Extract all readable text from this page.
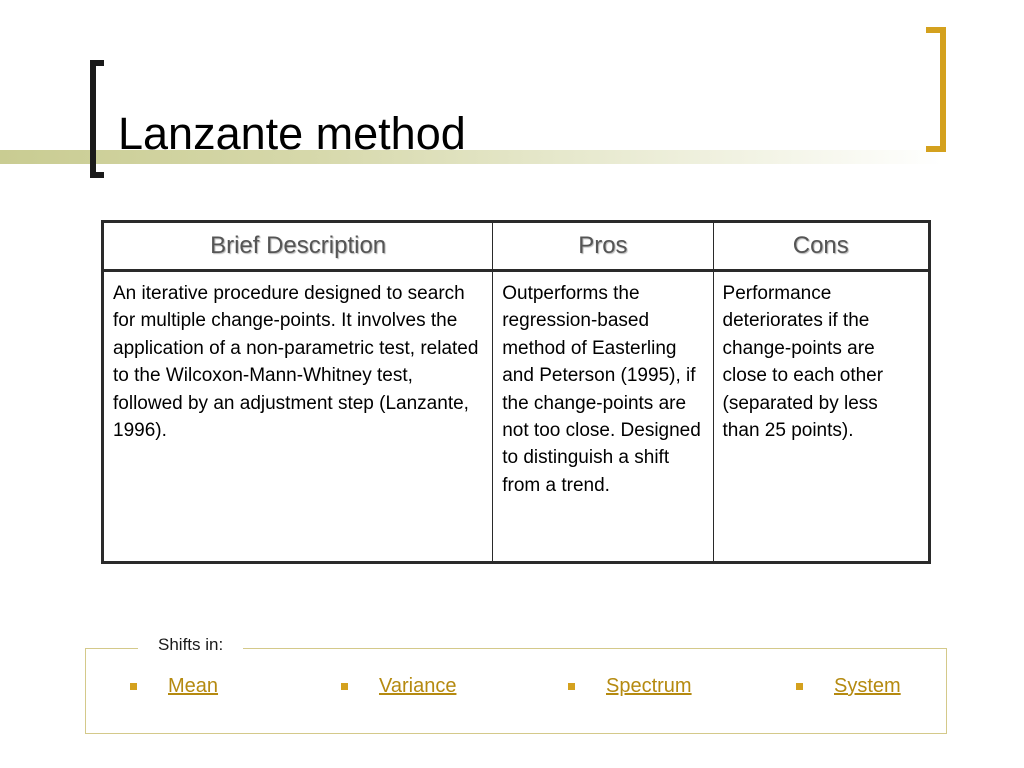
Lanzante method
Brief Description	Pros	Cons
An iterative procedure designed to search for multiple change-points. It involves the application of a non-parametric test, related to the Wilcoxon-Mann-Whitney test, followed by an adjustment step (Lanzante, 1996).	Outperforms the regression-based method of Easterling and Peterson (1995), if the change-points are not too close. Designed to distinguish a shift from a trend.	Performance deteriorates if the change-points are close to each other (separated by less than 25 points).
Shifts in:
Mean	Variance	Spectrum	System
